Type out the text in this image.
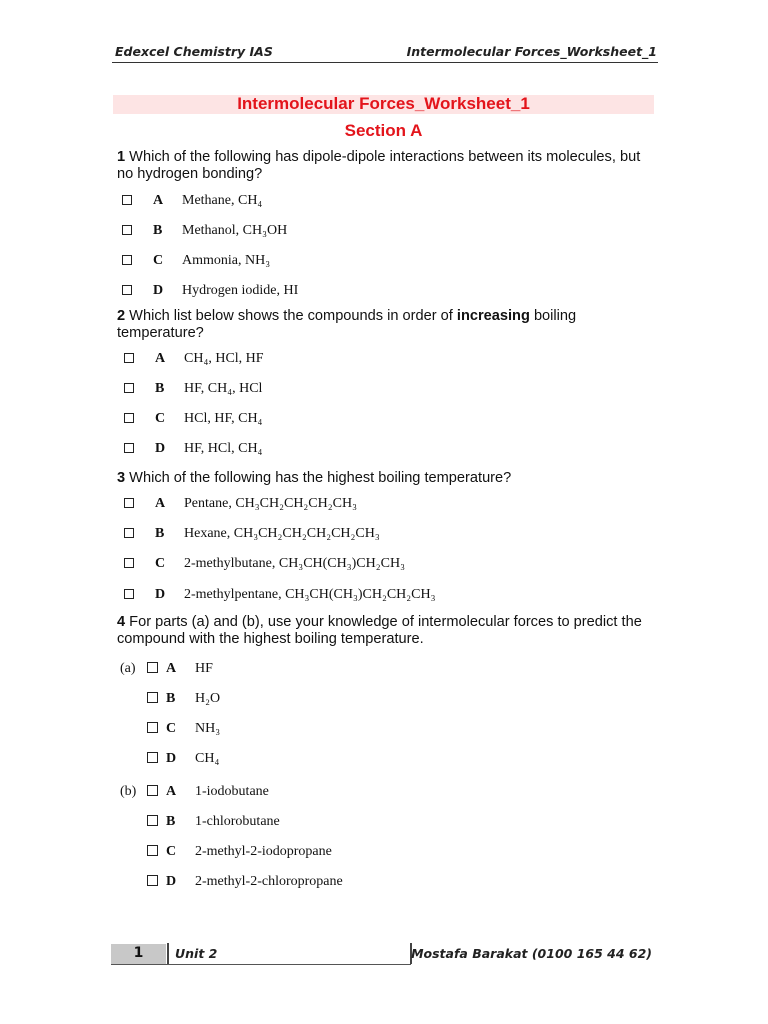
Edexcel Chemistry IAS	Intermolecular Forces_Worksheet_1
Intermolecular Forces_Worksheet_1
Section A
1 Which of the following has dipole-dipole interactions between its molecules, but no hydrogen bonding?
A Methane, CH₄
B Methanol, CH₃OH
C Ammonia, NH₃
D Hydrogen iodide, HI
2 Which list below shows the compounds in order of increasing boiling temperature?
A CH₄, HCl, HF
B HF, CH₄, HCl
C HCl, HF, CH₄
D HF, HCl, CH₄
3 Which of the following has the highest boiling temperature?
A Pentane, CH₃CH₂CH₂CH₂CH₃
B Hexane, CH₃CH₂CH₂CH₂CH₂CH₃
C 2-methylbutane, CH₃CH(CH₃)CH₂CH₃
D 2-methylpentane, CH₃CH(CH₃)CH₂CH₂CH₃
4 For parts (a) and (b), use your knowledge of intermolecular forces to predict the compound with the highest boiling temperature.
(a) A HF
B H₂O
C NH₃
D CH₄
(b) A 1-iodobutane
B 1-chlorobutane
C 2-methyl-2-iodopropane
D 2-methyl-2-chloropropane
1	Unit 2	Mostafa Barakat (0100 165 44 62)
